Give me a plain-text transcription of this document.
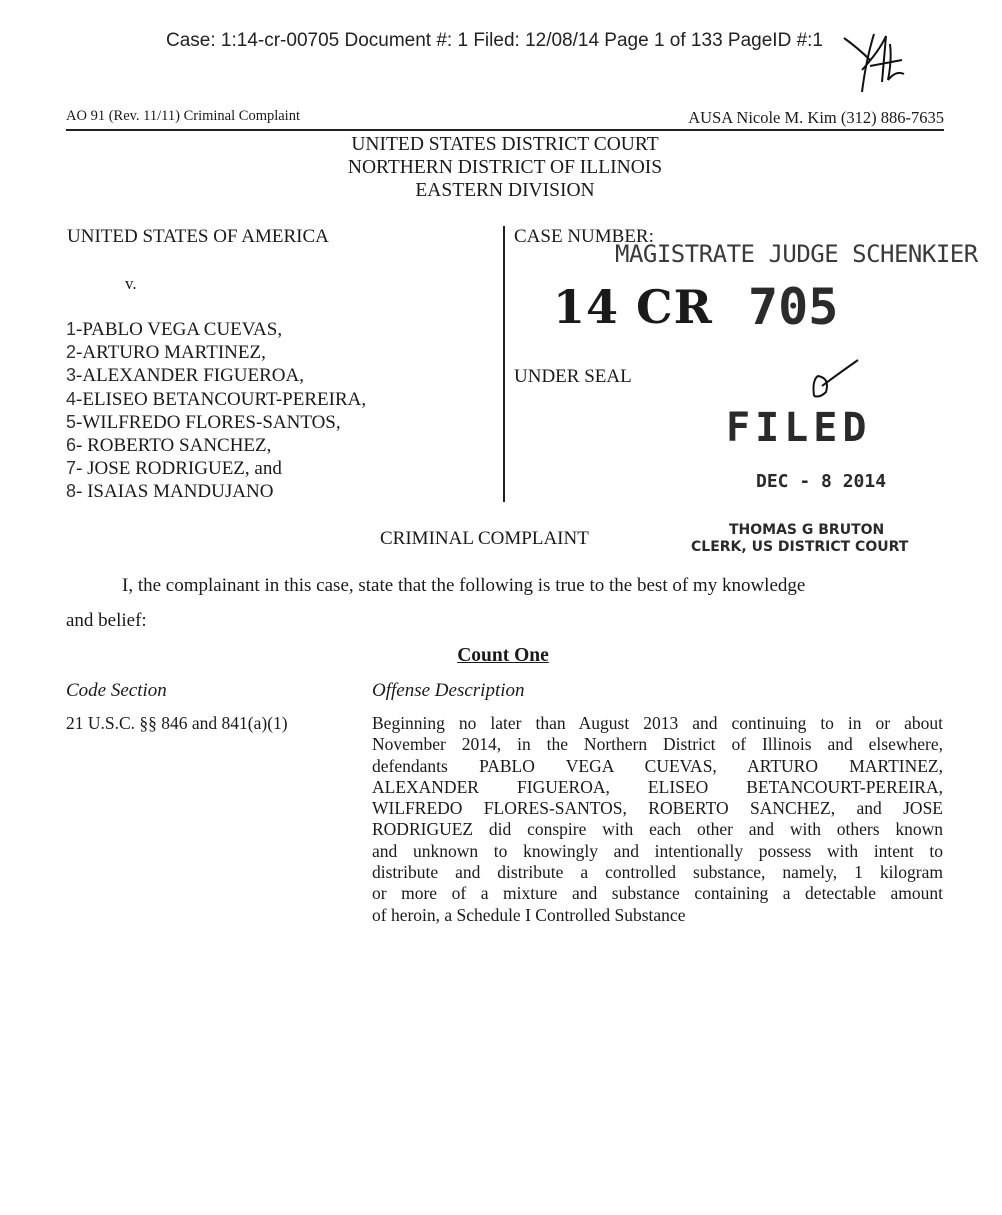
Case: 1:14-cr-00705 Document #: 1 Filed: 12/08/14 Page 1 of 133 PageID #:1
AO 91 (Rev. 11/11) Criminal Complaint	AUSA Nicole M. Kim (312) 886-7635
UNITED STATES DISTRICT COURT
NORTHERN DISTRICT OF ILLINOIS
EASTERN DIVISION
UNITED STATES OF AMERICA
v.
1-PABLO VEGA CUEVAS,
2-ARTURO MARTINEZ,
3-ALEXANDER FIGUEROA,
4-ELISEO BETANCOURT-PEREIRA,
5-WILFREDO FLORES-SANTOS,
6- ROBERTO SANCHEZ,
7- JOSE RODRIGUEZ, and
8- ISAIAS MANDUJANO
CASE NUMBER:
MAGISTRATE JUDGE SCHENKIER
14 CR 705
UNDER SEAL
FILED
DEC - 8 2014
THOMAS G BRUTON
CLERK, US DISTRICT COURT
CRIMINAL COMPLAINT
I, the complainant in this case, state that the following is true to the best of my knowledge
and belief:
Count One
Code Section	Offense Description
21 U.S.C. §§ 846 and 841(a)(1)	Beginning no later than August 2013 and continuing to in or about
November 2014, in the Northern District of Illinois and elsewhere,
defendants PABLO VEGA CUEVAS, ARTURO MARTINEZ,
ALEXANDER FIGUEROA, ELISEO BETANCOURT-PEREIRA,
WILFREDO FLORES-SANTOS, ROBERTO SANCHEZ, and JOSE
RODRIGUEZ did conspire with each other and with others known
and unknown to knowingly and intentionally possess with intent to
distribute and distribute a controlled substance, namely, 1 kilogram
or more of a mixture and substance containing a detectable amount
of heroin, a Schedule I Controlled Substance
